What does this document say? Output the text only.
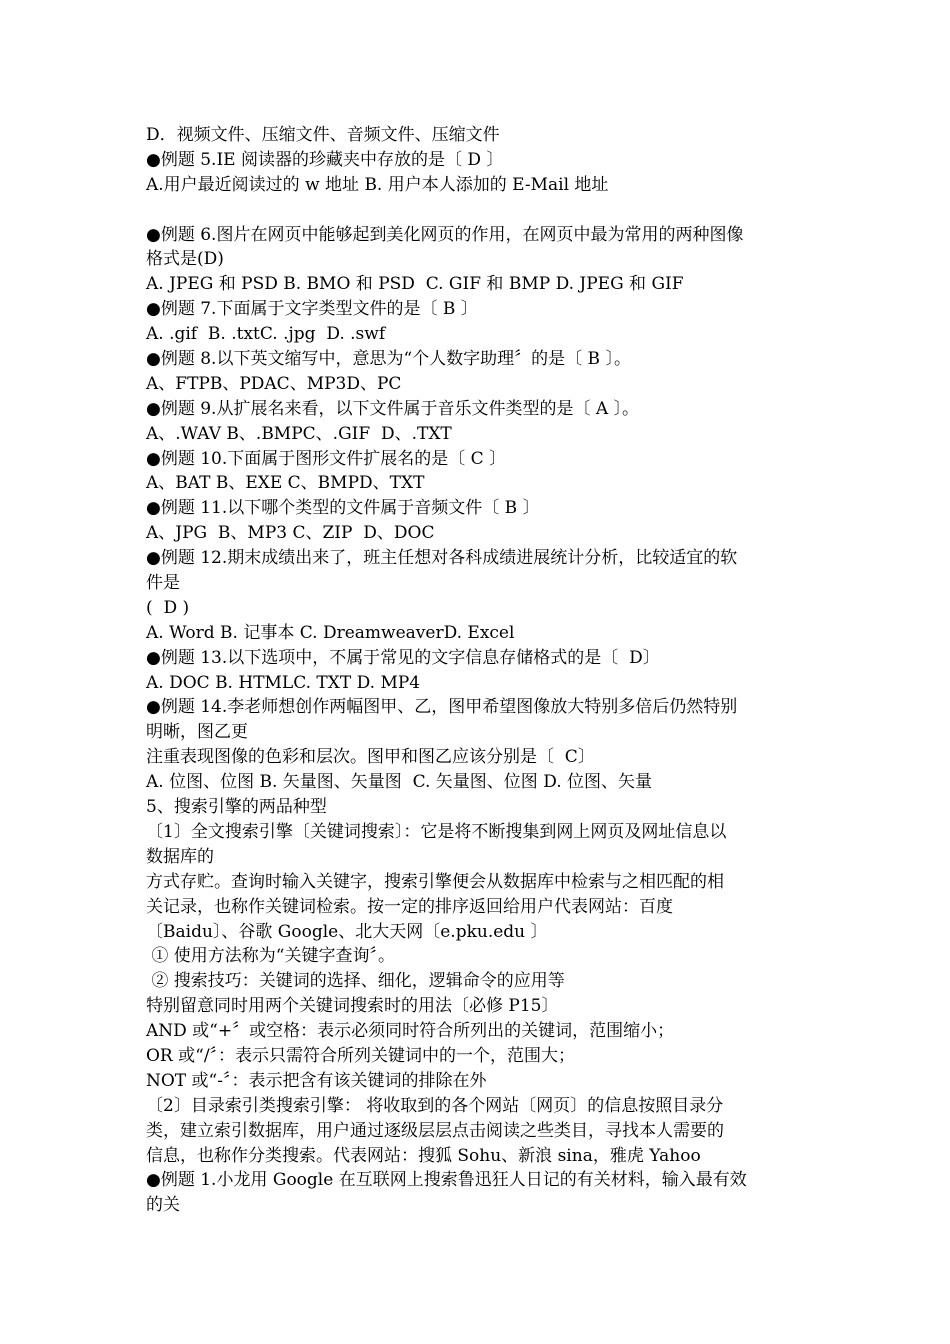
D．视频文件、压缩文件、音频文件、压缩文件
●例题 5.IE 阅读器的珍藏夹中存放的是〔 D 〕
A.用户最近阅读过的 w 地址 B. 用户本人添加的 E-Mail 地址
●例题 6.图片在网页中能够起到美化网页的作用，在网页中最为常用的两种图像
格式是(D)
A. JPEG 和 PSD B. BMO 和 PSD  C. GIF 和 BMP D. JPEG 和 GIF
●例题 7.下面属于文字类型文件的是〔 B 〕
A. .gif  B. .txtC. .jpg  D. .swf
●例题 8.以下英文缩写中，意思为“个人数字助理〞的是〔 B 〕。
A、FTPB、PDAC、MP3D、PC
●例题 9.从扩展名来看，以下文件属于音乐文件类型的是〔 A 〕。
A、.WAV B、.BMPC、.GIF  D、.TXT
●例题 10.下面属于图形文件扩展名的是〔 C 〕
A、BAT B、EXE C、BMPD、TXT
●例题 11.以下哪个类型的文件属于音频文件〔 B 〕
A、JPG  B、MP3 C、ZIP  D、DOC
●例题 12.期末成绩出来了，班主任想对各科成绩进展统计分析，比较适宜的软
件是
(  D )
A. Word B. 记事本 C. DreamweaverD. Excel
●例题 13.以下选项中，不属于常见的文字信息存储格式的是〔  D〕
A. DOC B. HTMLC. TXT D. MP4
●例题 14.李老师想创作两幅图甲、乙，图甲希望图像放大特别多倍后仍然特别
明晰，图乙更
注重表现图像的色彩和层次。图甲和图乙应该分别是〔  C〕
A. 位图、位图 B. 矢量图、矢量图  C. 矢量图、位图 D. 位图、矢量
5、搜索引擎的两品种型
〔1〕全文搜索引擎〔关键词搜索〕：它是将不断搜集到网上网页及网址信息以
数据库的
方式存贮。查询时输入关键字，搜索引擎便会从数据库中检索与之相匹配的相
关记录，也称作关键词检索。按一定的排序返回给用户代表网站：百度
〔Baidu〕、谷歌 Google、北大天网〔e.pku.edu 〕
① 使用方法称为“关键字查询〞。
② 搜索技巧：关键词的选择、细化，逻辑命令的应用等
特别留意同时用两个关键词搜索时的用法〔必修 P15〕
AND 或“+〞或空格：表示必须同时符合所列出的关键词，范围缩小；
OR 或“/〞：表示只需符合所列关键词中的一个，范围大；
NOT 或“-〞：表示把含有该关键词的排除在外
〔2〕目录索引类搜索引擎： 将收取到的各个网站〔网页〕的信息按照目录分
类，建立索引数据库，用户通过逐级层层点击阅读之些类目，寻找本人需要的
信息，也称作分类搜索。代表网站：搜狐 Sohu、新浪 sina，雅虎 Yahoo
●例题 1.小龙用 Google 在互联网上搜索鲁迅狂人日记的有关材料，输入最有效
的关
